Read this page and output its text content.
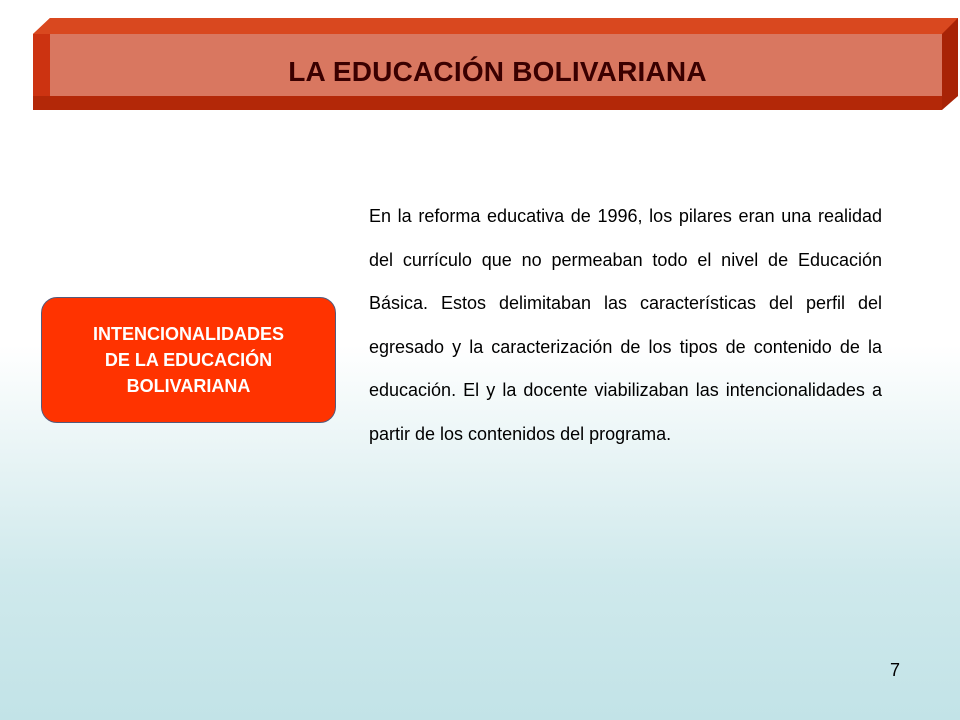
LA EDUCACIÓN BOLIVARIANA
INTENCIONALIDADES
DE LA EDUCACIÓN
BOLIVARIANA
En la reforma educativa de 1996, los pilares eran una realidad del currículo que no permeaban todo el nivel de Educación Básica. Estos delimitaban las características del perfil del egresado y la caracterización de los tipos de contenido de la educación. El y la docente viabilizaban las intencionalidades a partir de los contenidos del programa.
7
